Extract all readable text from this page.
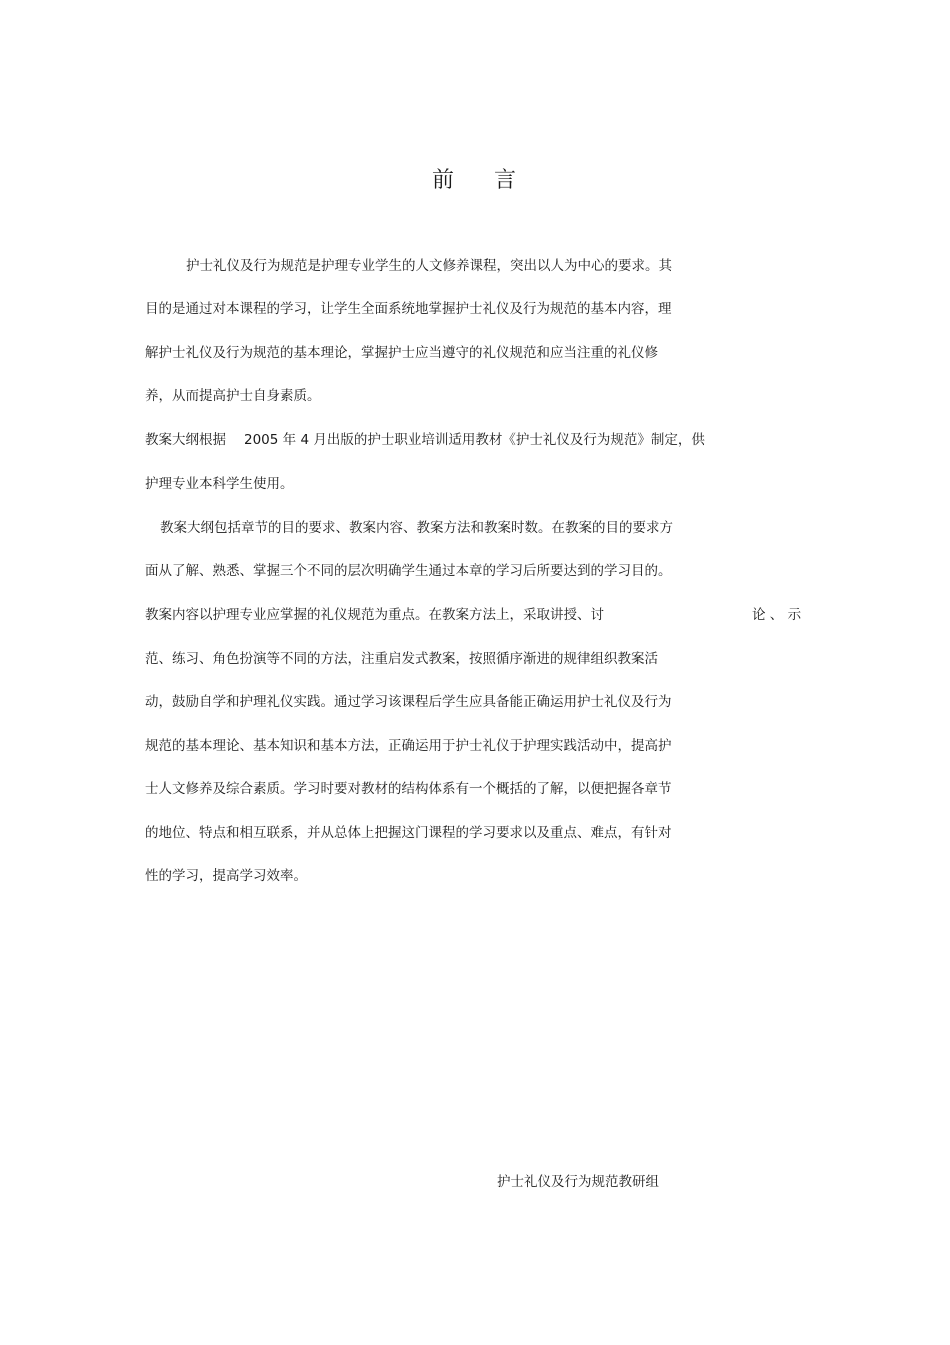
前 言
护士礼仪及行为规范是护理专业学生的人文修养课程，突出以人为中心的要求。其
目的是通过对本课程的学习，让学生全面系统地掌握护士礼仪及行为规范的基本内容，理
解护士礼仪及行为规范的基本理论，掌握护士应当遵守的礼仪规范和应当注重的礼仪修
养，从而提高护士自身素质。
教案大纲根据 2005 年 4 月出版的护士职业培训适用教材《护士礼仪及行为规范》制定，供
护理专业本科学生使用。
教案大纲包括章节的目的要求、教案内容、教案方法和教案时数。在教案的目的要求方
面从了解、熟悉、掌握三个不同的层次明确学生通过本章的学习后所要达到的学习目的。
教案内容以护理专业应掌握的礼仪规范为重点。在教案方法上，采取讲授、讨	论 、 示
范、练习、角色扮演等不同的方法，注重启发式教案，按照循序渐进的规律组织教案活
动，鼓励自学和护理礼仪实践。通过学习该课程后学生应具备能正确运用护士礼仪及行为
规范的基本理论、基本知识和基本方法，正确运用于护士礼仪于护理实践活动中，提高护
士人文修养及综合素质。学习时要对教材的结构体系有一个概括的了解，以便把握各章节
的地位、特点和相互联系，并从总体上把握这门课程的学习要求以及重点、难点，有针对
性的学习，提高学习效率。
护士礼仪及行为规范教研组
